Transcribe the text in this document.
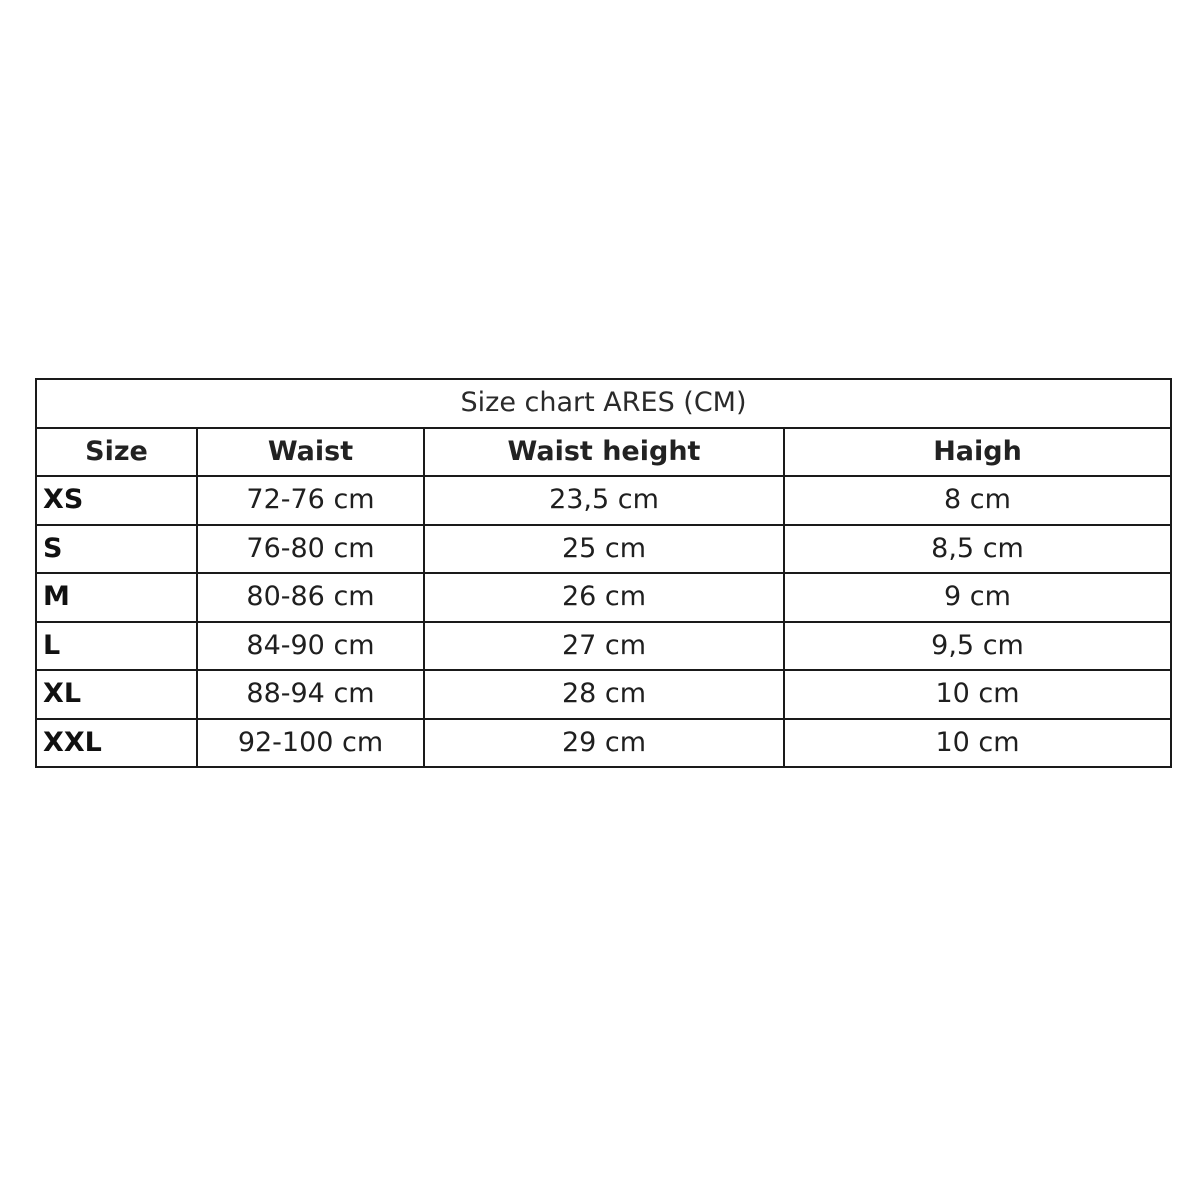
Size chart ARES (CM)			
Size	Waist	Waist height	Haigh
XS	72-76 cm	23,5 cm	8 cm
S	76-80 cm	25 cm	8,5 cm
M	80-86 cm	26 cm	9 cm
L	84-90 cm	27 cm	9,5 cm
XL	88-94 cm	28 cm	10 cm
XXL	92-100 cm	29 cm	10 cm
